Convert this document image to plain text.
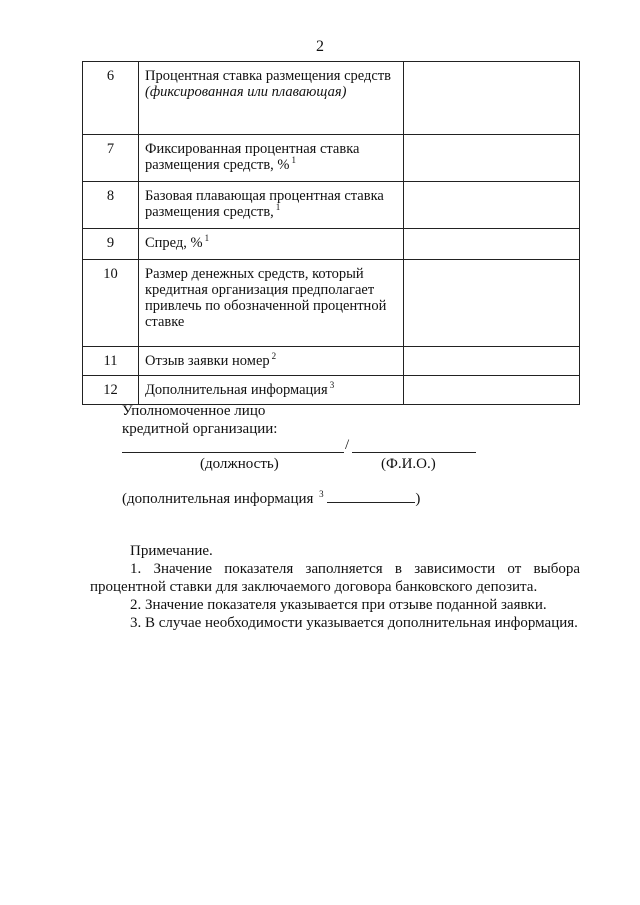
2
6	Процентная ставка размещения средств (фиксированная или плавающая)	
7	Фиксированная процентная ставка размещения средств, % $^1$	
8	Базовая плавающая процентная ставка размещения средств, $^1$	
9	Спред, % $^1$	
10	Размер денежных средств, который кредитная организация предполагает привлечь по обозначенной процентной ставке	
11	Отзыв заявки номер $^2$	
12	Дополнительная информация $^3$	
Уполномоченное лицо
кредитной организации:
/
(должность)	(Ф.И.О.)
(дополнительная информация $^3$	)
Примечание.
1. Значение показателя заполняется в зависимости от выбора процентной ставки для заключаемого договора банковского депозита.
2. Значение показателя указывается при отзыве поданной заявки.
3. В случае необходимости указывается дополнительная информация.
